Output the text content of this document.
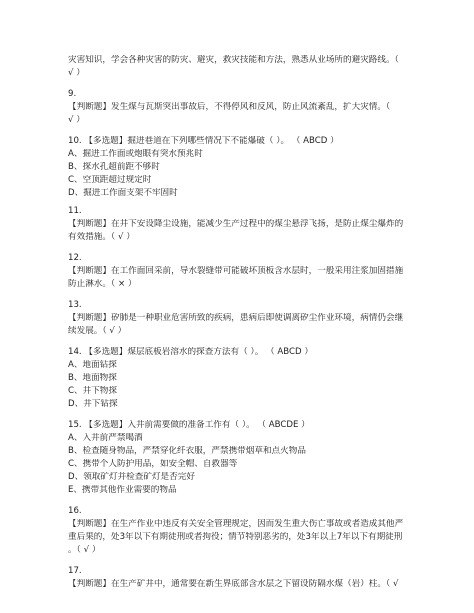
灾害知识，学会各种灾害的防灾、避灾，救灾技能和方法，熟悉从业场所的避灾路线。（
√ ）
9.
【判断题】发生煤与瓦斯突出事故后，不得停风和反风，防止风流紊乱，扩大灾情。（
√ ）
10. 【多选题】掘进巷道在下列哪些情况下不能爆破（ ）。 （ ABCD ）
A、掘进工作面或炮眼有突水预兆时
B、探水孔超前距不够时
C、空顶距超过规定时
D、掘进工作面支架不牢固时
11.
【判断题】在井下安设降尘设施，能减少生产过程中的煤尘悬浮飞扬，是防止煤尘爆炸的
有效措施。（ √ ）
12.
【判断题】在工作面回采前，导水裂缝带可能破坏顶板含水层时，一般采用注浆加固措施
防止淋水。（ × ）
13.
【判断题】矽肺是一种职业危害所致的疾病，患病后即使调离矽尘作业环境，病情仍会继
续发展。（ √ ）
14. 【多选题】煤层底板岩溶水的探查方法有（ ）。 （ ABCD ）
A、地面钻探
B、地面物探
C、井下物探
D、井下钻探
15. 【多选题】入井前需要做的准备工作有（ ）。 （ ABCDE ）
A、入井前严禁喝酒
B、检查随身物品，严禁穿化纤衣服，严禁携带烟草和点火物品
C、携带个人防护用品，如安全帽、自救器等
D、领取矿灯并检查矿灯是否完好
E、携带其他作业需要的物品
16.
【判断题】在生产作业中违反有关安全管理规定，因而发生重大伤亡事故或者造成其他严
重后果的，处3年以下有期徒刑或者拘役；情节特别恶劣的，处3年以上7年以下有期徒刑
。（ √ ）
17.
【判断题】在生产矿井中，通常要在新生界底部含水层之下留设防隔水煤（岩）柱。（ √
